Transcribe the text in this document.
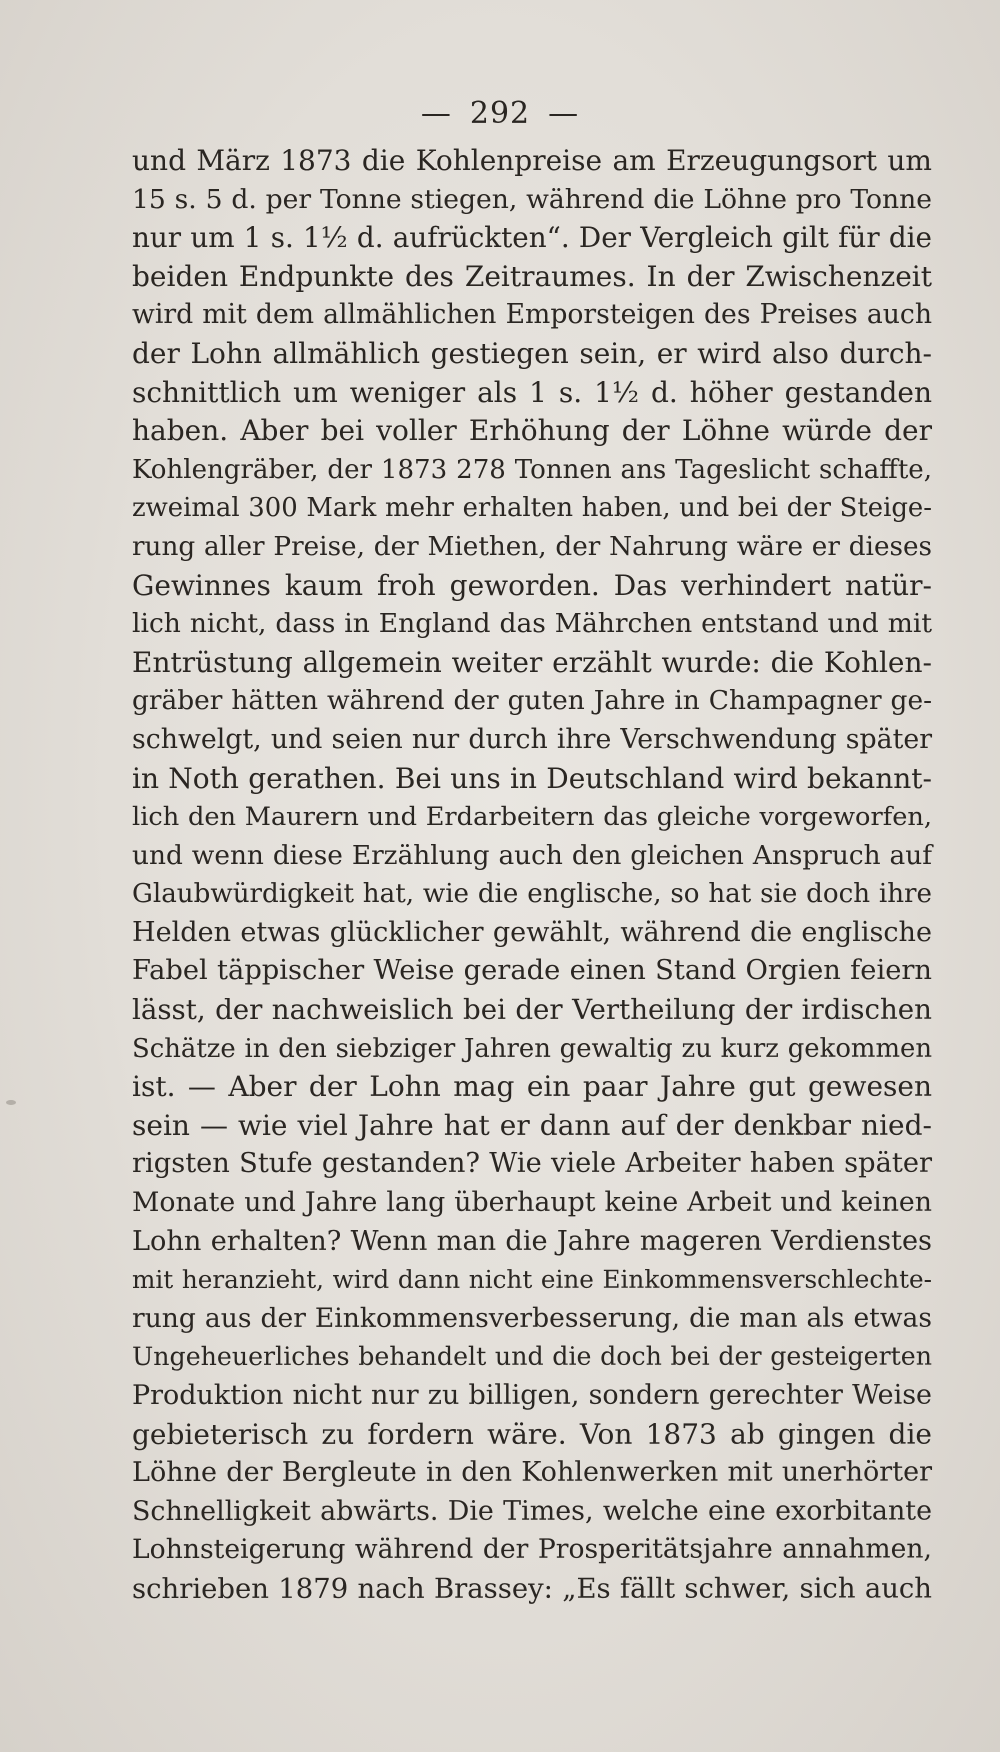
— 292 —
und März 1873 die Kohlenpreise am Erzeugungsort um
15 s. 5 d. per Tonne stiegen, während die Löhne pro Tonne
nur um 1 s. 1½ d. aufrückten“. Der Vergleich gilt für die
beiden Endpunkte des Zeitraumes. In der Zwischenzeit
wird mit dem allmählichen Emporsteigen des Preises auch
der Lohn allmählich gestiegen sein, er wird also durch-
schnittlich um weniger als 1 s. 1½ d. höher gestanden
haben. Aber bei voller Erhöhung der Löhne würde der
Kohlengräber, der 1873 278 Tonnen ans Tageslicht schaffte,
zweimal 300 Mark mehr erhalten haben, und bei der Steige-
rung aller Preise, der Miethen, der Nahrung wäre er dieses
Gewinnes kaum froh geworden. Das verhindert natür-
lich nicht, dass in England das Mährchen entstand und mit
Entrüstung allgemein weiter erzählt wurde: die Kohlen-
gräber hätten während der guten Jahre in Champagner ge-
schwelgt, und seien nur durch ihre Verschwendung später
in Noth gerathen. Bei uns in Deutschland wird bekannt-
lich den Maurern und Erdarbeitern das gleiche vorgeworfen,
und wenn diese Erzählung auch den gleichen Anspruch auf
Glaubwürdigkeit hat, wie die englische, so hat sie doch ihre
Helden etwas glücklicher gewählt, während die englische
Fabel täppischer Weise gerade einen Stand Orgien feiern
lässt, der nachweislich bei der Vertheilung der irdischen
Schätze in den siebziger Jahren gewaltig zu kurz gekommen
ist. — Aber der Lohn mag ein paar Jahre gut gewesen
sein — wie viel Jahre hat er dann auf der denkbar nied-
rigsten Stufe gestanden? Wie viele Arbeiter haben später
Monate und Jahre lang überhaupt keine Arbeit und keinen
Lohn erhalten? Wenn man die Jahre mageren Verdienstes
mit heranzieht, wird dann nicht eine Einkommensverschlechte-
rung aus der Einkommensverbesserung, die man als etwas
Ungeheuerliches behandelt und die doch bei der gesteigerten
Produktion nicht nur zu billigen, sondern gerechter Weise
gebieterisch zu fordern wäre. Von 1873 ab gingen die
Löhne der Bergleute in den Kohlenwerken mit unerhörter
Schnelligkeit abwärts. Die Times, welche eine exorbitante
Lohnsteigerung während der Prosperitätsjahre annahmen,
schrieben 1879 nach Brassey: „Es fällt schwer, sich auch
